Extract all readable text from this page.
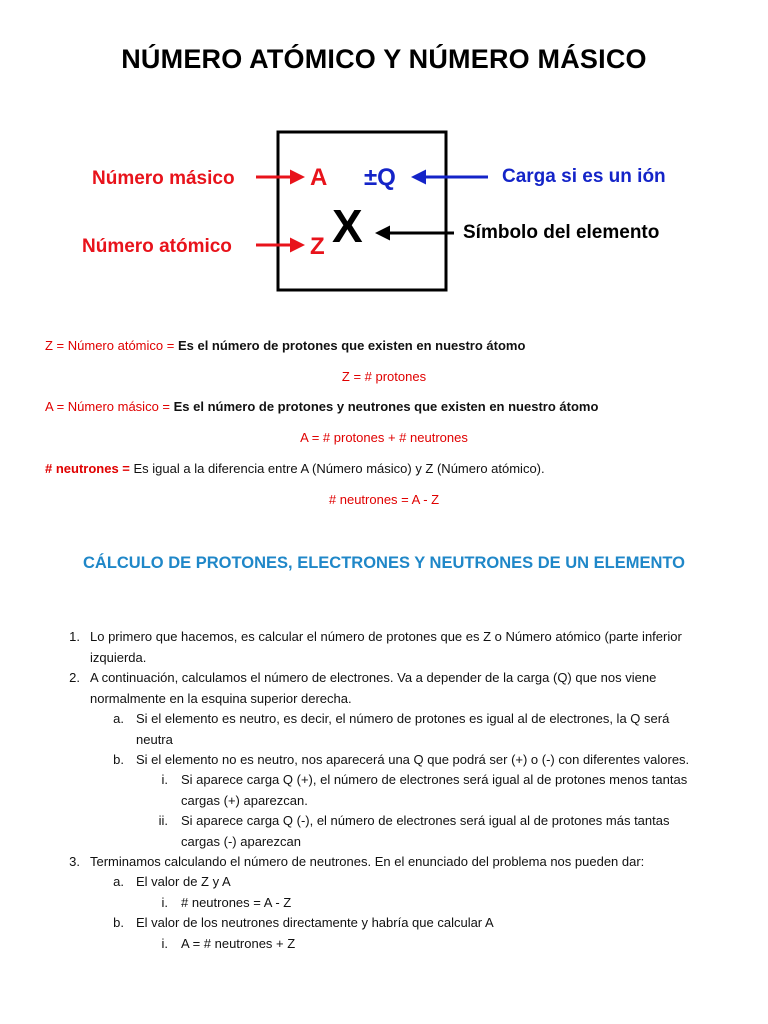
NÚMERO ATÓMICO Y NÚMERO MÁSICO
Número másico	A
Número atómico	Z
±Q	Carga si es un ión
X	Símbolo del elemento
Z = Número atómico = Es el número de protones que existen en nuestro átomo
Z = # protones
A = Número másico = Es el número de protones y neutrones que existen en nuestro átomo
A = # protones + # neutrones
# neutrones = Es igual a la diferencia entre A (Número másico) y Z (Número atómico).
# neutrones = A - Z
CÁLCULO DE PROTONES, ELECTRONES Y NEUTRONES DE UN ELEMENTO
1. Lo primero que hacemos, es calcular el número de protones que es Z o Número atómico (parte inferior
izquierda.
2. A continuación, calculamos el número de electrones. Va a depender de la carga (Q) que nos viene
normalmente en la esquina superior derecha.
a. Si el elemento es neutro, es decir, el número de protones es igual al de electrones, la Q será
neutra
b. Si el elemento no es neutro, nos aparecerá una Q que podrá ser (+) o (-) con diferentes valores.
i. Si aparece carga Q (+), el número de electrones será igual al de protones menos tantas
cargas (+) aparezcan.
ii. Si aparece carga Q (-), el número de electrones será igual al de protones más tantas
cargas (-) aparezcan
3. Terminamos calculando el número de neutrones. En el enunciado del problema nos pueden dar:
a. El valor de Z y A
i. # neutrones = A - Z
b. El valor de los neutrones directamente y habría que calcular A
i. A = # neutrones + Z
